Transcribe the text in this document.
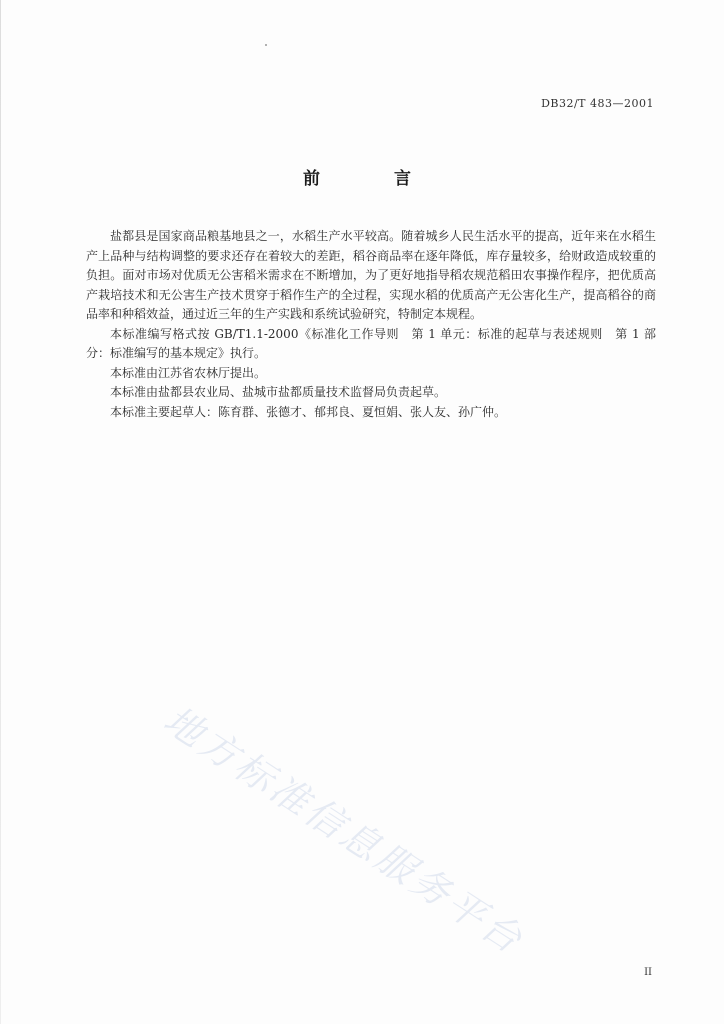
DB32/T 483—2001
前 言

盐都县是国家商品粮基地县之一，水稻生产水平较高。随着城乡人民生活水平的提高，近年来在水稻生产上品种与结构调整的要求还存在着较大的差距，稻谷商品率在逐年降低，库存量较多，给财政造成较重的负担。面对市场对优质无公害稻米需求在不断增加，为了更好地指导稻农规范稻田农事操作程序，把优质高产栽培技术和无公害生产技术贯穿于稻作生产的全过程，实现水稻的优质高产无公害化生产，提高稻谷的商品率和种稻效益，通过近三年的生产实践和系统试验研究，特制定本规程。

本标准编写格式按 GB/T1.1-2000《标准化工作导则　第 1 单元：标准的起草与表述规则　第 1 部分：标准编写的基本规定》执行。

本标准由江苏省农林厅提出。

本标准由盐都县农业局、盐城市盐都质量技术监督局负责起草。

本标准主要起草人：陈育群、张德才、郁邦良、夏恒娟、张人友、孙广仲。

地方标准信息服务平台
II
